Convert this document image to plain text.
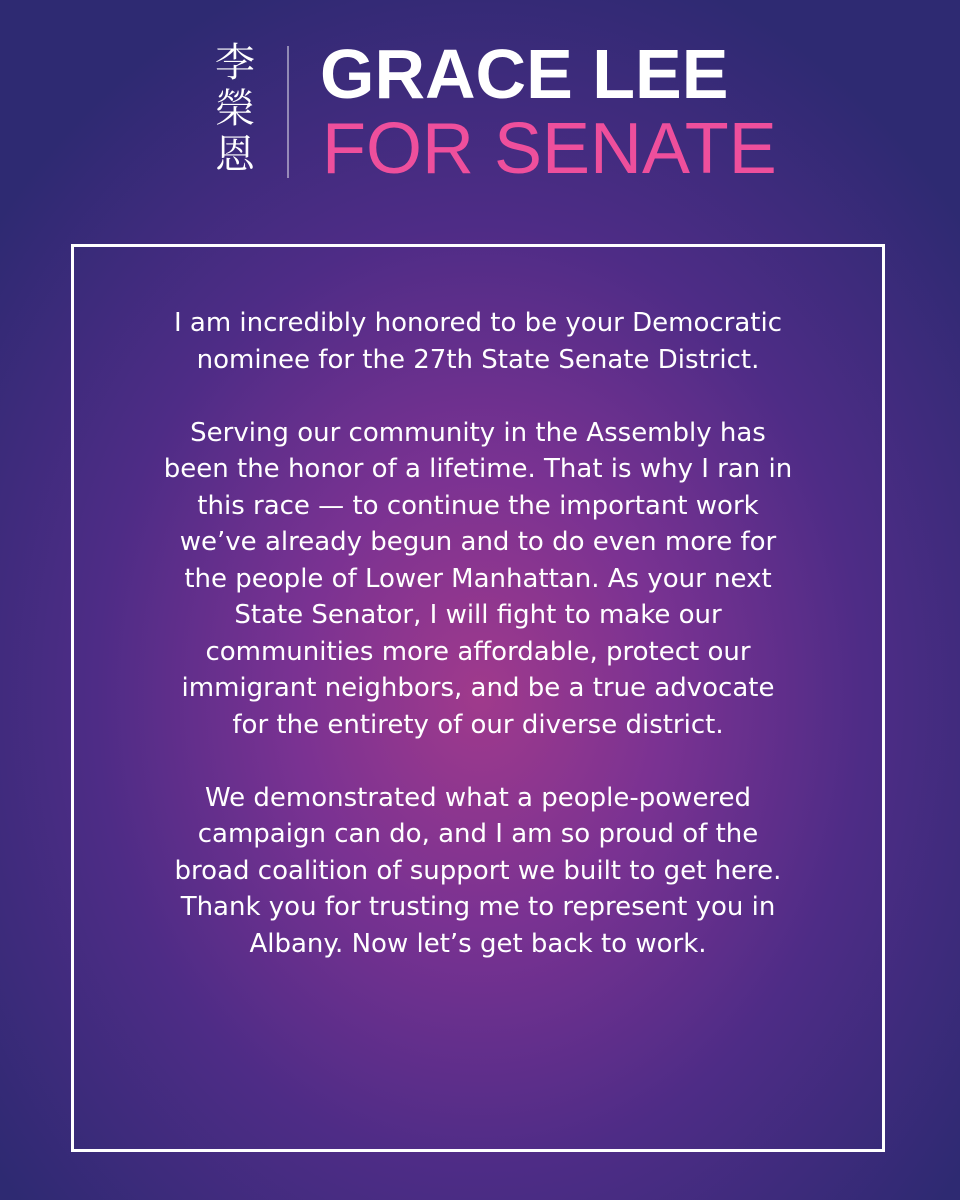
李
榮
恩
GRACE LEE
FOR SENATE

I am incredibly honored to be your Democratic
nominee for the 27th State Senate District.

Serving our community in the Assembly has
been the honor of a lifetime. That is why I ran in
this race — to continue the important work
we’ve already begun and to do even more for
the people of Lower Manhattan. As your next
State Senator, I will fight to make our
communities more affordable, protect our
immigrant neighbors, and be a true advocate
for the entirety of our diverse district.

We demonstrated what a people-powered
campaign can do, and I am so proud of the
broad coalition of support we built to get here.
Thank you for trusting me to represent you in
Albany. Now let’s get back to work.
